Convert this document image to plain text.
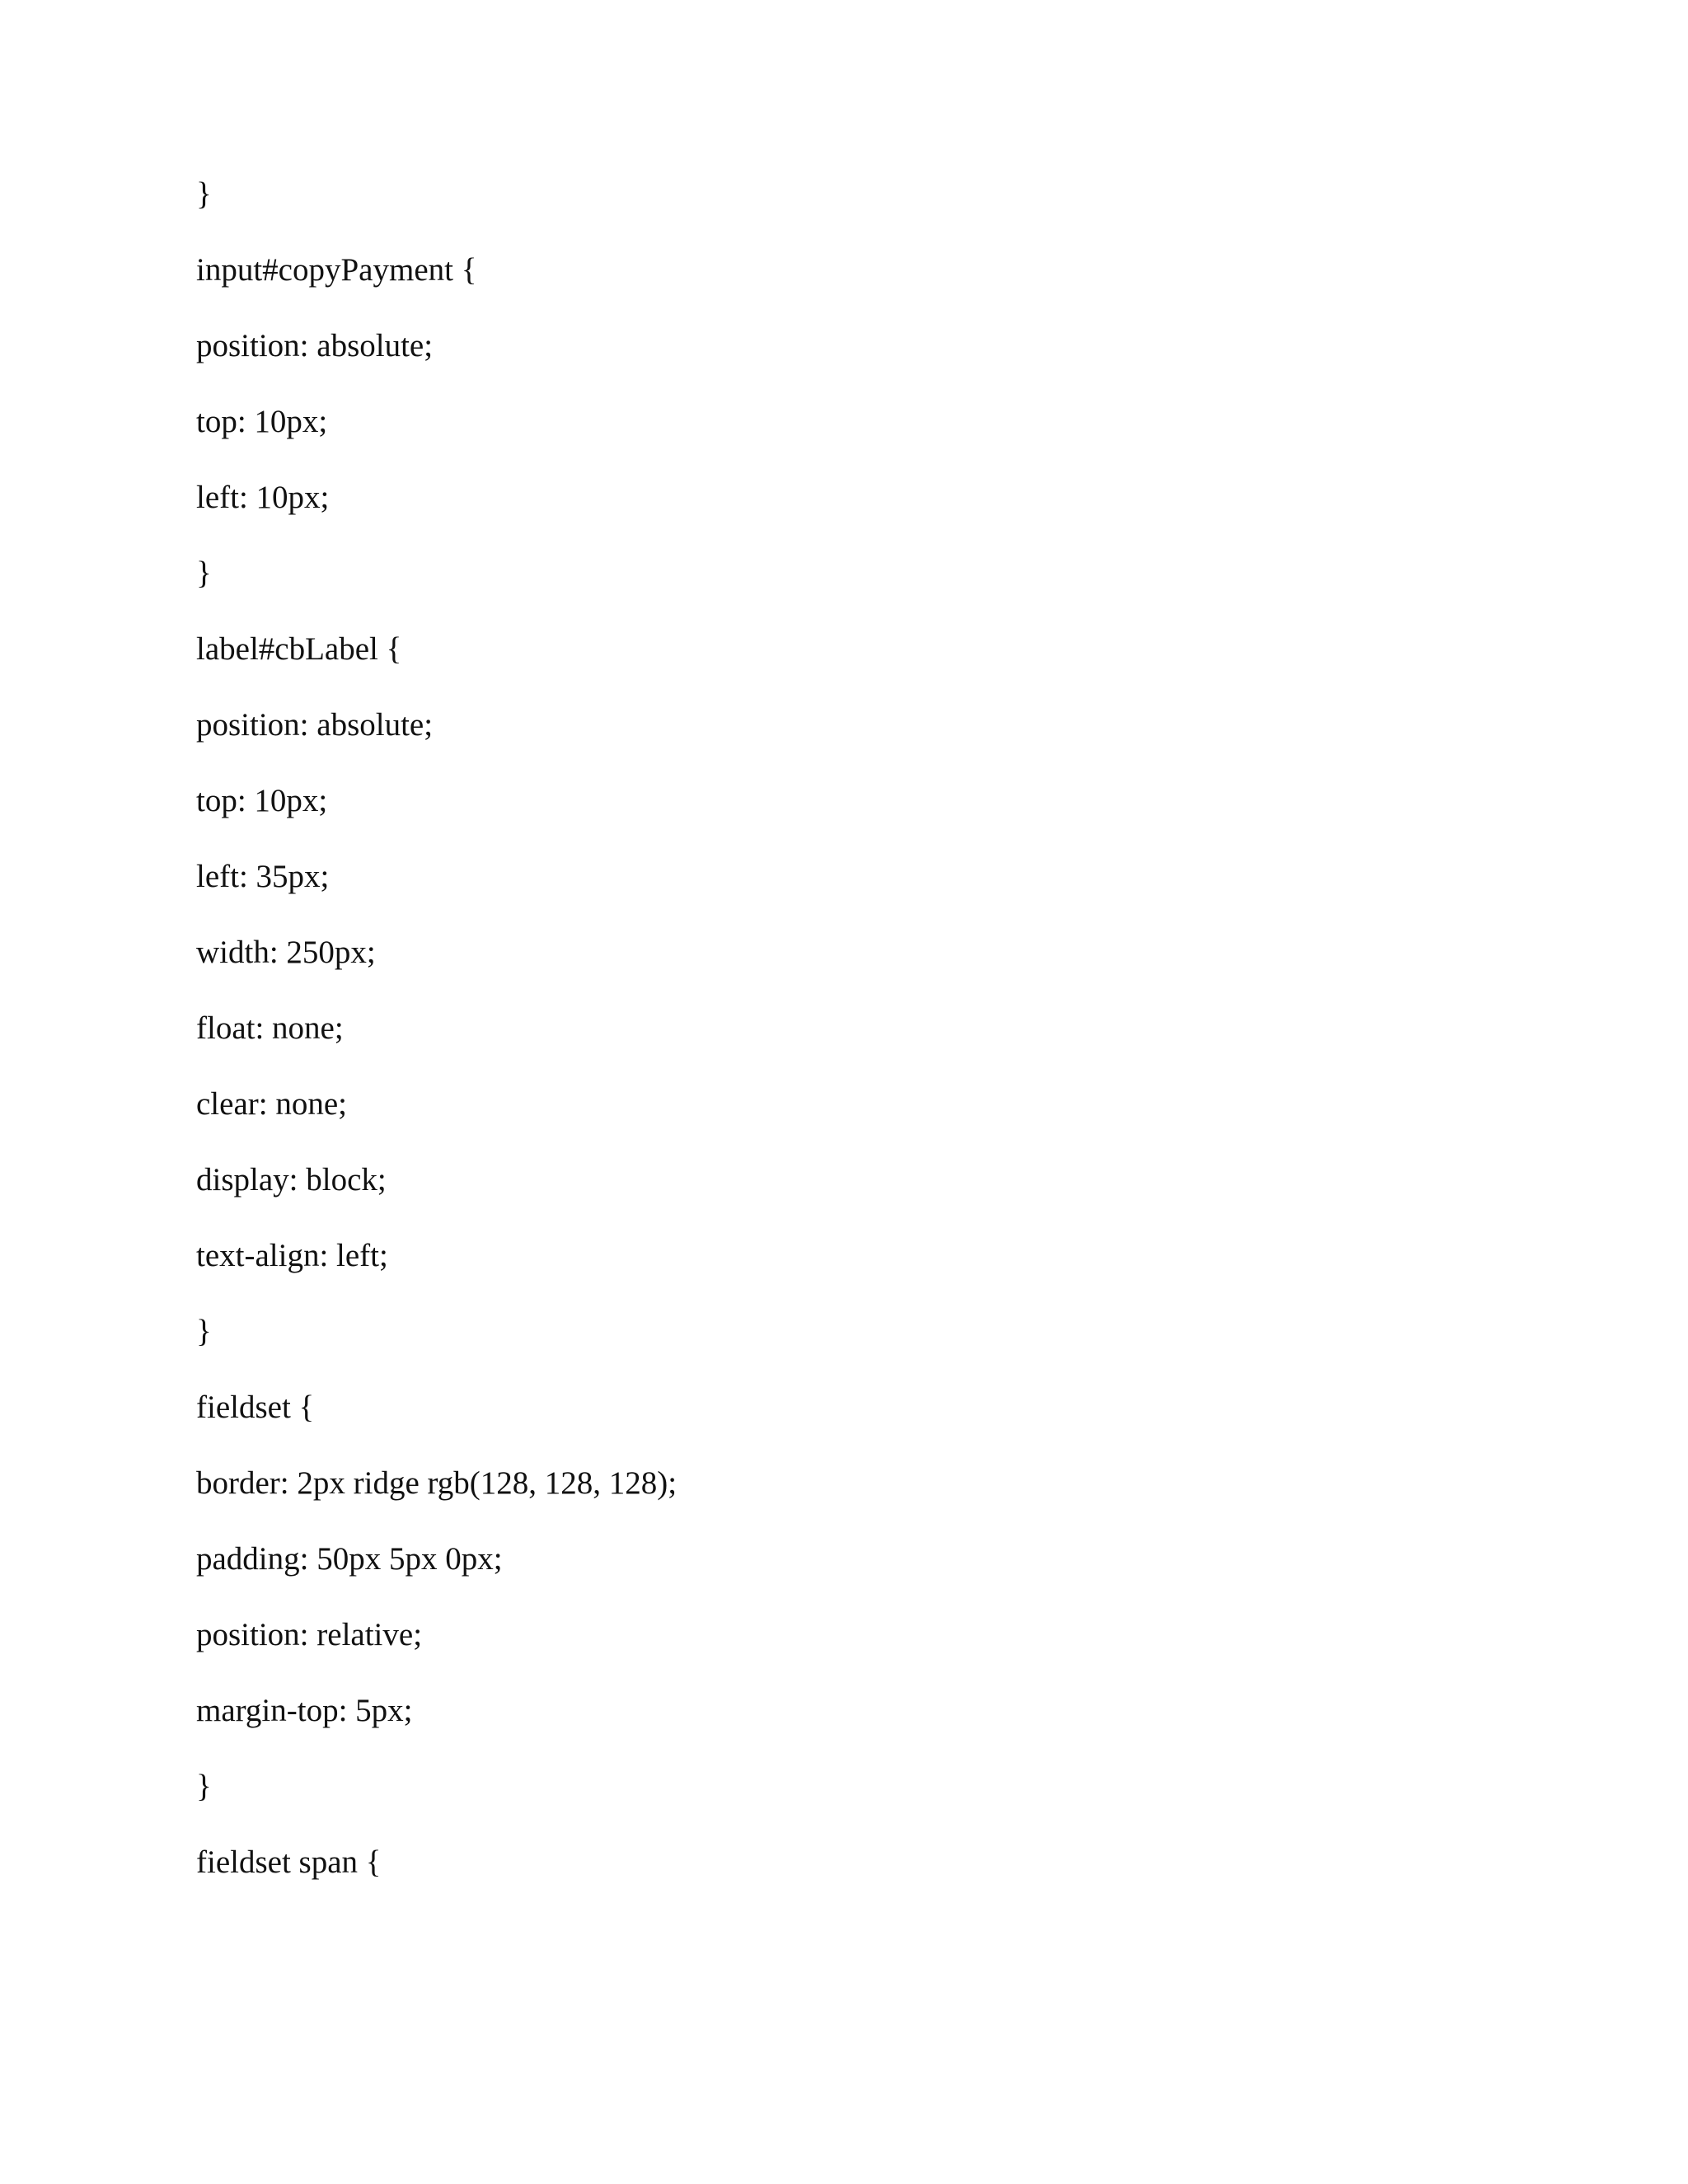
}
input#copyPayment {
position: absolute;
top: 10px;
left: 10px;
}
label#cbLabel {
position: absolute;
top: 10px;
left: 35px;
width: 250px;
float: none;
clear: none;
display: block;
text-align: left;
}
fieldset {
border: 2px ridge rgb(128, 128, 128);
padding: 50px 5px 0px;
position: relative;
margin-top: 5px;
}
fieldset span {
